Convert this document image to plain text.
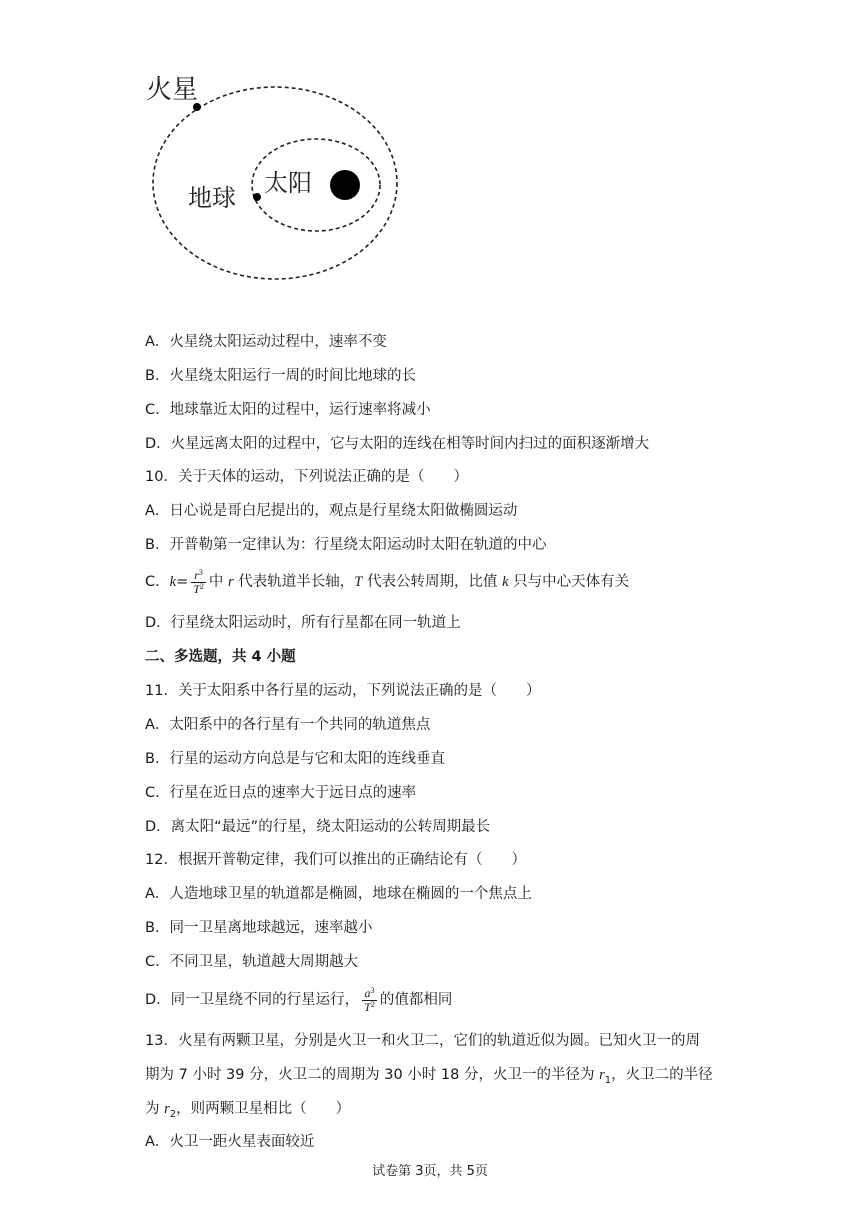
火星
地球
太阳
A．火星绕太阳运动过程中，速率不变
B．火星绕太阳运行一周的时间比地球的长
C．地球靠近太阳的过程中，运行速率将减小
D．火星远离太阳的过程中，它与太阳的连线在相等时间内扫过的面积逐渐增大
10．关于天体的运动，下列说法正确的是（　　）
A．日心说是哥白尼提出的，观点是行星绕太阳做椭圆运动
B．开普勒第一定律认为：行星绕太阳运动时太阳在轨道的中心
C．$k= \frac{r^3}{T^2}$ 中 r 代表轨道半长轴，T 代表公转周期，比值 k 只与中心天体有关
D．行星绕太阳运动时，所有行星都在同一轨道上
二、多选题，共 4 小题
11．关于太阳系中各行星的运动，下列说法正确的是（　　）
A．太阳系中的各行星有一个共同的轨道焦点
B．行星的运动方向总是与它和太阳的连线垂直
C．行星在近日点的速率大于远日点的速率
D．离太阳“最远”的行星，绕太阳运动的公转周期最长
12．根据开普勒定律，我们可以推出的正确结论有（　　）
A．人造地球卫星的轨道都是椭圆，地球在椭圆的一个焦点上
B．同一卫星离地球越远，速率越小
C．不同卫星，轨道越大周期越大
D．同一卫星绕不同的行星运行， $\frac{a^3}{T^2}$ 的值都相同
13．火星有两颗卫星，分别是火卫一和火卫二，它们的轨道近似为圆。已知火卫一的周
期为 7 小时 39 分，火卫二的周期为 30 小时 18 分，火卫一的半径为 $r_1$，火卫二的半径
为 $r_2$，则两颗卫星相比（　　）
A．火卫一距火星表面较近
试卷第 3页，共 5页
